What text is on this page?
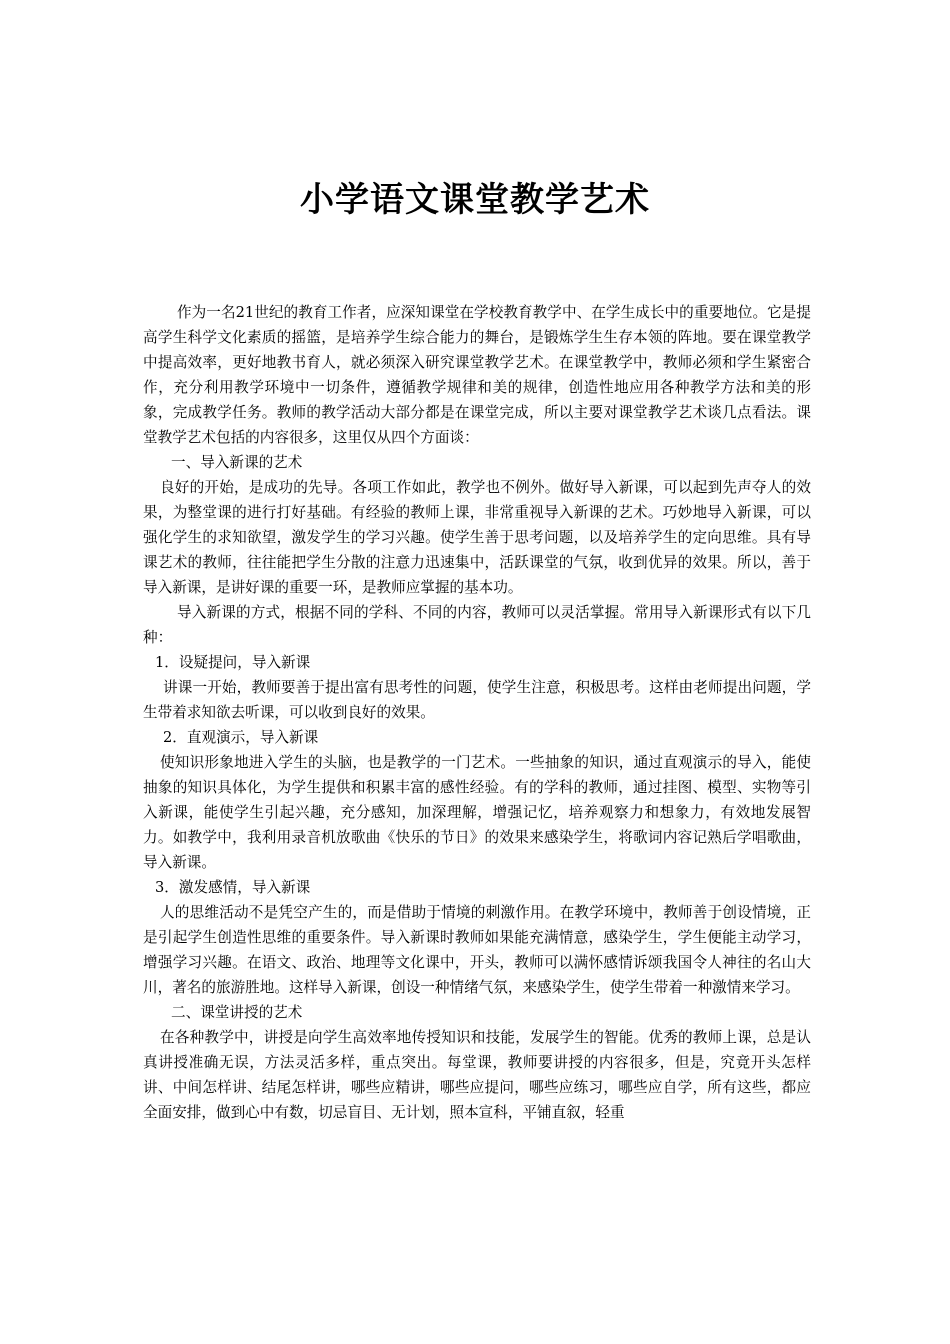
小学语文课堂教学艺术

作为一名21世纪的教育工作者，应深知课堂在学校教育教学中、在学生成长中的重要地位。它是提高学生科学文化素质的摇篮，是培养学生综合能力的舞台，是锻炼学生生存本领的阵地。要在课堂教学中提高效率，更好地教书育人，就必须深入研究课堂教学艺术。在课堂教学中，教师必须和学生紧密合作，充分利用教学环境中一切条件，遵循教学规律和美的规律，创造性地应用各种教学方法和美的形象，完成教学任务。教师的教学活动大部分都是在课堂完成，所以主要对课堂教学艺术谈几点看法。课堂教学艺术包括的内容很多，这里仅从四个方面谈：

一、导入新课的艺术

良好的开始，是成功的先导。各项工作如此，教学也不例外。做好导入新课，可以起到先声夺人的效果，为整堂课的进行打好基础。有经验的教师上课，非常重视导入新课的艺术。巧妙地导入新课，可以强化学生的求知欲望，激发学生的学习兴趣。使学生善于思考问题，以及培养学生的定向思维。具有导课艺术的教师，往往能把学生分散的注意力迅速集中，活跃课堂的气氛，收到优异的效果。所以，善于导入新课，是讲好课的重要一环，是教师应掌握的基本功。

导入新课的方式，根据不同的学科、不同的内容，教师可以灵活掌握。常用导入新课形式有以下几种：

1．设疑提问，导入新课

讲课一开始，教师要善于提出富有思考性的问题，使学生注意，积极思考。这样由老师提出问题，学生带着求知欲去听课，可以收到良好的效果。

2．直观演示，导入新课

使知识形象地进入学生的头脑，也是教学的一门艺术。一些抽象的知识，通过直观演示的导入，能使抽象的知识具体化，为学生提供和积累丰富的感性经验。有的学科的教师，通过挂图、模型、实物等引入新课，能使学生引起兴趣，充分感知，加深理解，增强记忆，培养观察力和想象力，有效地发展智力。如教学中，我利用录音机放歌曲《快乐的节日》的效果来感染学生，将歌词内容记熟后学唱歌曲，导入新课。

3．激发感情，导入新课

人的思维活动不是凭空产生的，而是借助于情境的刺激作用。在教学环境中，教师善于创设情境，正是引起学生创造性思维的重要条件。导入新课时教师如果能充满情意，感染学生，学生便能主动学习，增强学习兴趣。在语文、政治、地理等文化课中，开头，教师可以满怀感情诉颂我国令人神往的名山大川，著名的旅游胜地。这样导入新课，创设一种情绪气氛，来感染学生，使学生带着一种激情来学习。

二、课堂讲授的艺术

在各种教学中，讲授是向学生高效率地传授知识和技能，发展学生的智能。优秀的教师上课，总是认真讲授准确无误，方法灵活多样，重点突出。每堂课，教师要讲授的内容很多，但是，究竟开头怎样讲、中间怎样讲、结尾怎样讲，哪些应精讲，哪些应提问，哪些应练习，哪些应自学，所有这些，都应全面安排，做到心中有数，切忌盲目、无计划，照本宣科，平铺直叙，轻重
